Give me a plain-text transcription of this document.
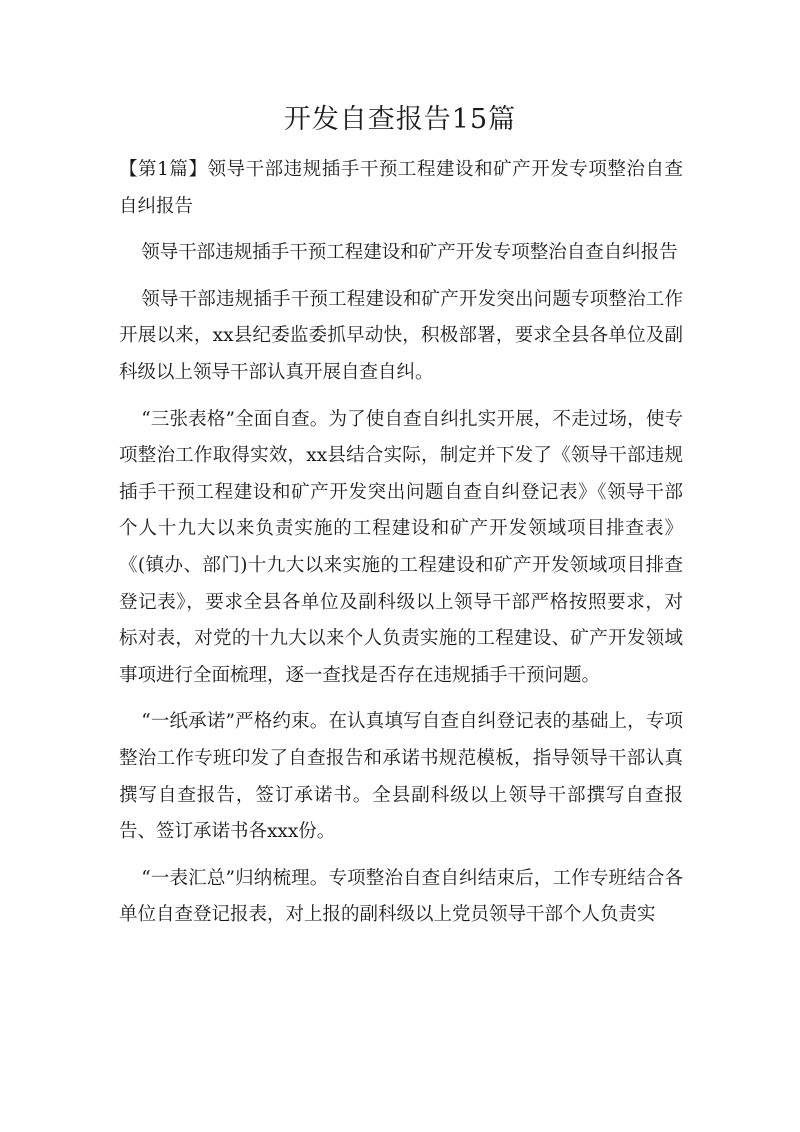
开发自查报告15篇

【第1篇】领导干部违规插手干预工程建设和矿产开发专项整治自查自纠报告

领导干部违规插手干预工程建设和矿产开发专项整治自查自纠报告

领导干部违规插手干预工程建设和矿产开发突出问题专项整治工作开展以来，xx县纪委监委抓早动快，积极部署，要求全县各单位及副科级以上领导干部认真开展自查自纠。

“三张表格”全面自查。为了使自查自纠扎实开展，不走过场，使专项整治工作取得实效，xx县结合实际，制定并下发了《领导干部违规插手干预工程建设和矿产开发突出问题自查自纠登记表》《领导干部个人十九大以来负责实施的工程建设和矿产开发领域项目排查表》《(镇办、部门)十九大以来实施的工程建设和矿产开发领域项目排查登记表》，要求全县各单位及副科级以上领导干部严格按照要求，对标对表，对党的十九大以来个人负责实施的工程建设、矿产开发领域事项进行全面梳理，逐一查找是否存在违规插手干预问题。

“一纸承诺”严格约束。在认真填写自查自纠登记表的基础上，专项整治工作专班印发了自查报告和承诺书规范模板，指导领导干部认真撰写自查报告，签订承诺书。全县副科级以上领导干部撰写自查报告、签订承诺书各xxx份。

“一表汇总”归纳梳理。专项整治自查自纠结束后，工作专班结合各单位自查登记报表，对上报的副科级以上党员领导干部个人负责实
